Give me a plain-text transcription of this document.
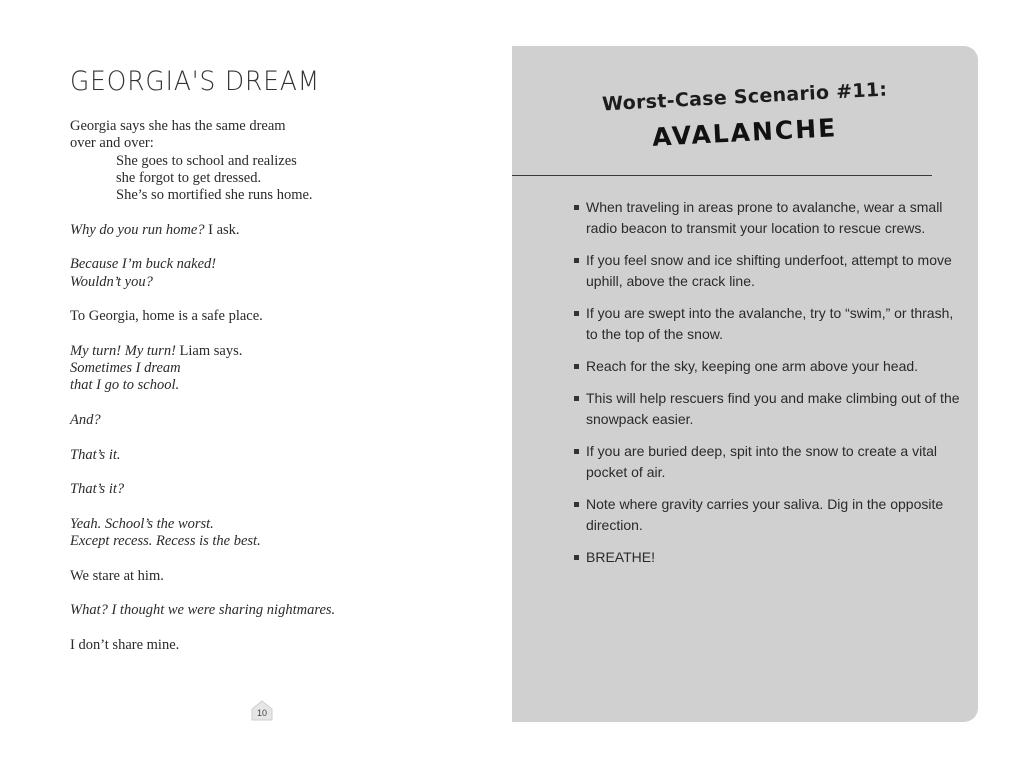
GEORGIA'S DREAM

Georgia says she has the same dream
over and over:
She goes to school and realizes
she forgot to get dressed.
She’s so mortified she runs home.

Why do you run home? I ask.

Because I’m buck naked!
Wouldn’t you?

To Georgia, home is a safe place.

My turn! My turn! Liam says.
Sometimes I dream
that I go to school.

And?

That’s it.

That’s it?

Yeah. School’s the worst.
Except recess. Recess is the best.

We stare at him.

What? I thought we were sharing nightmares.

I don’t share mine.

10
Worst-Case Scenario #11:
AVALANCHE
When traveling in areas prone to avalanche, wear a small radio beacon to transmit your location to rescue crews.
If you feel snow and ice shifting underfoot, attempt to move uphill, above the crack line.
If you are swept into the avalanche, try to “swim,” or thrash, to the top of the snow.
Reach for the sky, keeping one arm above your head.
This will help rescuers find you and make climbing out of the snowpack easier.
If you are buried deep, spit into the snow to create a vital pocket of air.
Note where gravity carries your saliva. Dig in the opposite direction.
BREATHE!
